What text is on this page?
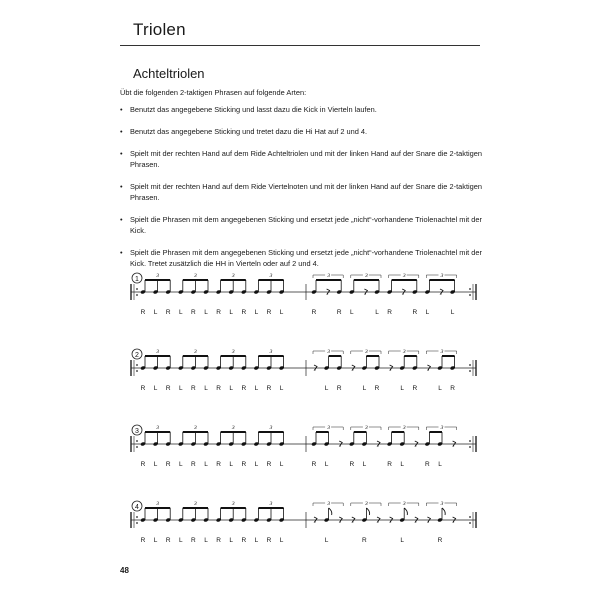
Triolen
Achteltriolen
Übt die folgenden 2-taktigen Phrasen auf folgende Arten:
• Benutzt das angegebene Sticking und lasst dazu die Kick in Vierteln laufen.
• Benutzt das angegebene Sticking und tretet dazu die Hi Hat auf 2 und 4.
• Spielt mit der rechten Hand auf dem Ride Achteltriolen und mit der linken Hand auf der Snare die 2-taktigen Phrasen.
• Spielt mit der rechten Hand auf dem Ride Viertelnoten und mit der linken Hand auf der Snare die 2-taktigen Phrasen.
• Spielt die Phrasen mit dem angegebenen Sticking und ersetzt jede „nicht“-vorhandene Triolenachtel mit der Kick.
• Spielt die Phrasen mit dem angegebenen Sticking und ersetzt jede „nicht“-vorhandene Triolenachtel mit der Kick. Tretet zusätzlich die HH in Vierteln oder auf 2 und 4.
1	3	3	3	3
R L R L R L R L R L R L
3	3	3	3
R	R L	L R	R L	L
2	3	3	3	3
R L R L R L R L R L R L
3	3	3	3
L R	L R	L R	L R
3	3	3	3	3
R L R L R L R L R L R L
3	3	3	3
R L	R L	R L	R L
4	3	3	3	3
R L R L R L R L R L R L
3	3	3	3
L	R	L	R
48
